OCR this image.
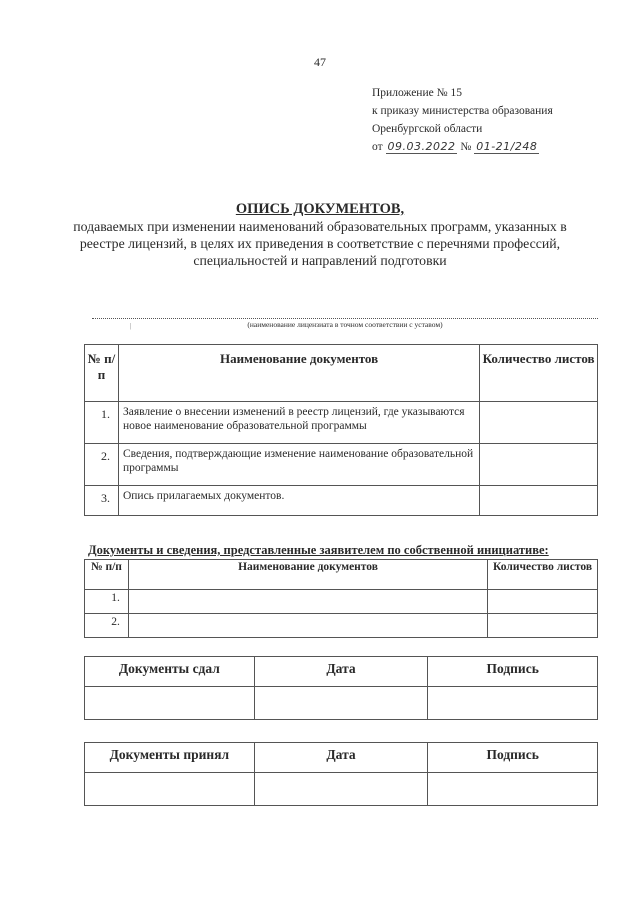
47
Приложение № 15
к приказу министерства образования
Оренбургской области
от 09.03.2022 № 01-21/248
ОПИСЬ ДОКУМЕНТОВ,
подаваемых при изменении наименований образовательных программ, указанных в реестре лицензий, в целях их приведения в соответствие с перечнями профессий, специальностей и направлений подготовки
|	(наименование лицензиата в точном соответствии с уставом)
№ п/п	Наименование документов	Количество листов
1.	Заявление о внесении изменений в реестр лицензий, где указываются новое наименование образовательной программы	
2.	Сведения, подтверждающие изменение наименование образовательной программы	
3.	Опись прилагаемых документов.	
Документы и сведения, представленные заявителем по собственной инициативе:
№ п/п	Наименование документов	Количество листов
1.		
2.		
Документы сдал	Дата	Подпись

Документы принял	Дата	Подпись
